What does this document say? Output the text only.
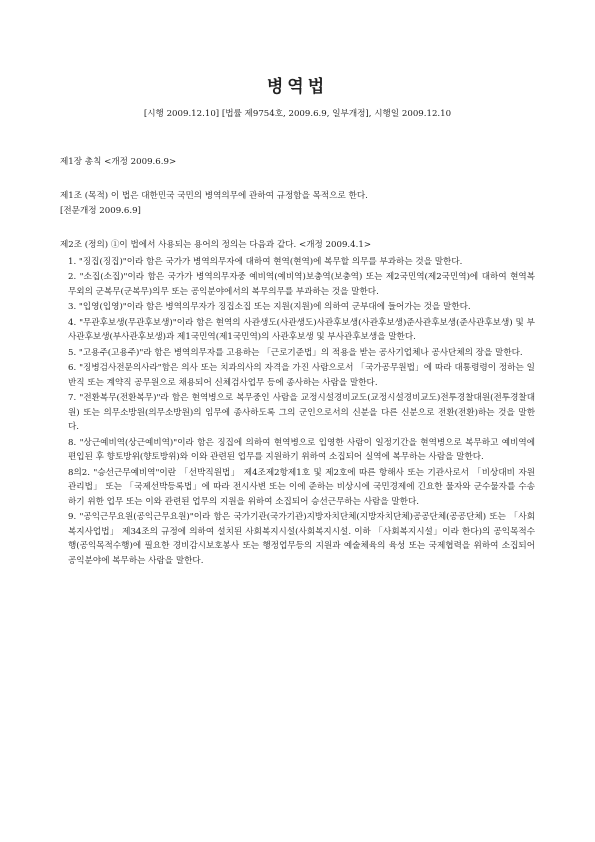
병역법

[시행 2009.12.10] [법률 제9754호, 2009.6.9, 일부개정], 시행일 2009.12.10

제1장 총칙 <개정 2009.6.9>

제1조 (목적) 이 법은 대한민국 국민의 병역의무에 관하여 규정함을 목적으로 한다.

[전문개정 2009.6.9]

제2조 (정의) ①이 법에서 사용되는 용어의 정의는 다음과 같다. <개정 2009.4.1>

1. "징집(징집)"이라 함은 국가가 병역의무자에 대하여 현역(현역)에 복무할 의무를 부과하는 것을 말한다.
2. "소집(소집)"이라 함은 국가가 병역의무자중 예비역(예비역)보충역(보충역) 또는 제2국민역(제2국민역)에 대하여 현역복무외의 군복무(군복무)의무 또는 공익분야에서의 복무의무를 부과하는 것을 말한다.
3. "입영(입영)"이라 함은 병역의무자가 징집소집 또는 지원(지원)에 의하여 군부대에 들어가는 것을 말한다.
4. "무관후보생(무관후보생)"이라 함은 현역의 사관생도(사관생도)사관후보생(사관후보생)준사관후보생(준사관후보생) 및 부사관후보생(부사관후보생)과 제1국민역(제1국민역)의 사관후보생 및 부사관후보생을 말한다.
5. "고용주(고용주)"라 함은 병역의무자를 고용하는 「근로기준법」의 적용을 받는 공사기업체나 공사단체의 장을 말한다.
6. "징병검사전문의사라"함은 의사 또는 치과의사의 자격을 가진 사람으로서 「국가공무원법」에 따라 대통령령이 정하는 일반직 또는 계약직 공무원으로 채용되어 신체검사업무 등에 종사하는 사람을 말한다.
7. "전환복무(전환복무)"라 함은 현역병으로 복무중인 사람을 교정시설경비교도(교정시설경비교도)전투경찰대원(전투경찰대원) 또는 의무소방원(의무소방원)의 임무에 종사하도록 그의 군인으로서의 신분을 다른 신분으로 전환(전환)하는 것을 말한다.
8. "상근예비역(상근예비역)"이라 함은 징집에 의하여 현역병으로 입영한 사람이 일정기간을 현역병으로 복무하고 예비역에 편입된 후 향토방위(향토방위)와 이와 관련된 업무를 지원하기 위하여 소집되어 실역에 복무하는 사람을 말한다.
8의2. "승선근무예비역"이란 「선박직원법」 제4조제2항제1호 및 제2호에 따른 항해사 또는 기관사로서 「비상대비 자원 관리법」 또는 「국제선박등록법」에 따라 전시사변 또는 이에 준하는 비상시에 국민경제에 긴요한 물자와 군수물자를 수송하기 위한 업무 또는 이와 관련된 업무의 지원을 위하여 소집되어 승선근무하는 사람을 말한다.
9. "공익근무요원(공익근무요원)"이라 함은 국가기관(국가기관)지방자치단체(지방자치단체)공공단체(공공단체) 또는 「사회복지사업법」 제34조의 규정에 의하여 설치된 사회복지시설(사회복지시설. 이하 「사회복지시설」이라 한다)의 공익목적수행(공익목적수행)에 필요한 경비감시보호봉사 또는 행정업무등의 지원과 예술체육의 육성 또는 국제협력을 위하여 소집되어 공익분야에 복무하는 사람을 말한다.
